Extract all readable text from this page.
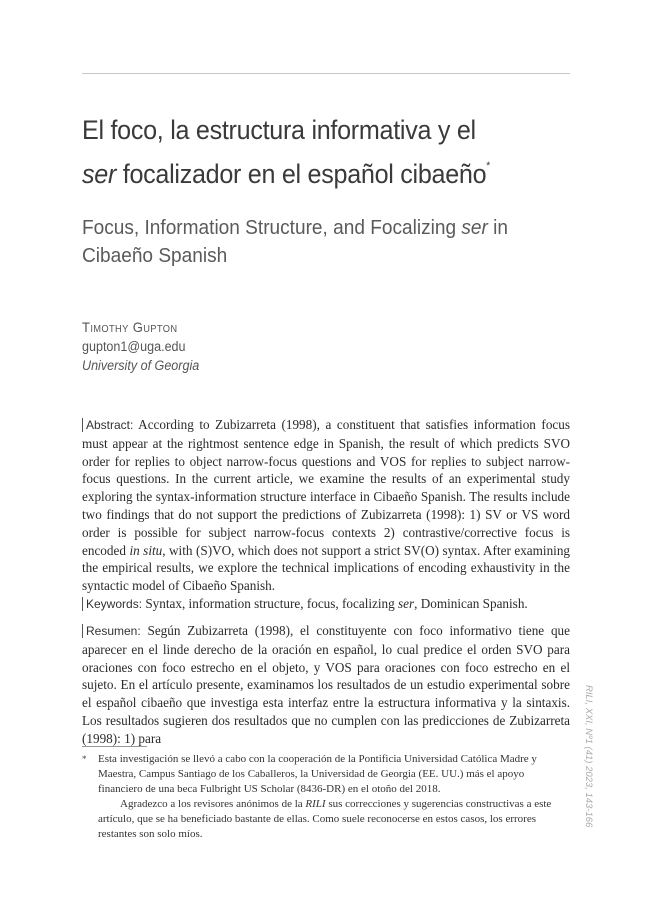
El foco, la estructura informativa y el
ser focalizador en el español cibaeño*
Focus, Information Structure, and Focalizing ser in Cibaeño Spanish
Timothy Gupton
gupton1@uga.edu
University of Georgia
Abstract: According to Zubizarreta (1998), a constituent that satisfies information focus must appear at the rightmost sentence edge in Spanish, the result of which predicts SVO order for replies to object narrow-focus questions and VOS for replies to subject narrow-focus questions. In the current article, we examine the results of an experimental study exploring the syntax-information structure interface in Cibaeño Spanish. The results include two findings that do not support the predictions of Zubizarreta (1998): 1) SV or VS word order is possible for subject narrow-focus contexts 2) contrastive/corrective focus is encoded in situ, with (S)VO, which does not support a strict SV(O) syntax. After examining the empirical results, we explore the technical implications of encoding exhaustivity in the syntactic model of Cibaeño Spanish.
Keywords: Syntax, information structure, focus, focalizing ser, Dominican Spanish.
Resumen: Según Zubizarreta (1998), el constituyente con foco informativo tiene que aparecer en el linde derecho de la oración en español, lo cual predice el orden SVO para oraciones con foco estrecho en el objeto, y VOS para oraciones con foco estrecho en el sujeto. En el artículo presente, examinamos los resultados de un estudio experimental sobre el español cibaeño que investiga esta interfaz entre la estructura informativa y la sintaxis. Los resultados sugieren dos resultados que no cumplen con las predicciones de Zubizarreta (1998): 1) para	RILI, XXI, Nº1 (41) 2023, 143-166
* Esta investigación se llevó a cabo con la cooperación de la Pontificia Universidad Católica Madre y Maestra, Campus Santiago de los Caballeros, la Universidad de Georgia (EE. UU.) más el apoyo financiero de una beca Fulbright US Scholar (8436-DR) en el otoño del 2018.
Agradezco a los revisores anónimos de la RILI sus correcciones y sugerencias constructivas a este artículo, que se ha beneficiado bastante de ellas. Como suele reconocerse en estos casos, los errores restantes son solo míos.
